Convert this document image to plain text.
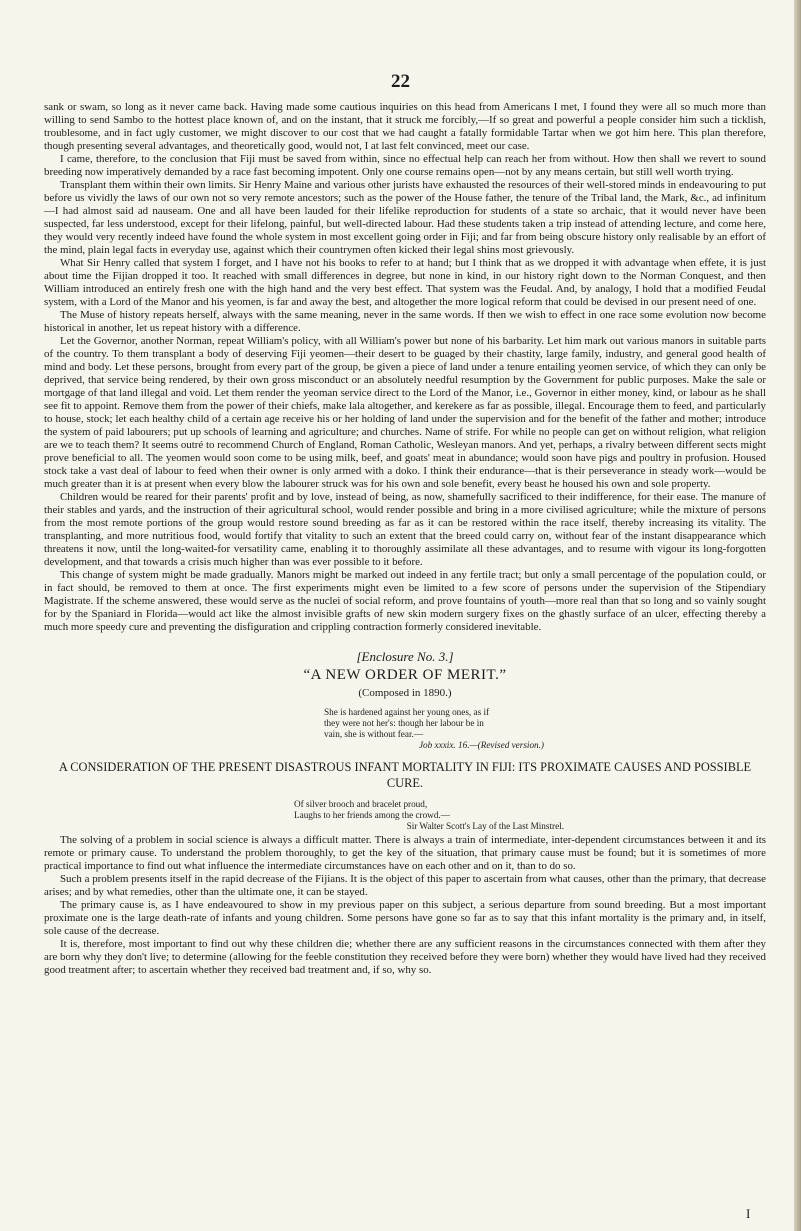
22

sank or swam, so long as it never came back. Having made some cautious inquiries on this head from Americans I met, I found they were all so much more than willing to send Sambo to the hottest place known of, and on the instant, that it struck me forcibly,—If so great and powerful a people consider him such a ticklish, troublesome, and in fact ugly customer, we might discover to our cost that we had caught a fatally formidable Tartar when we got him here. This plan therefore, though presenting several advantages, and theoretically good, would not, I at last felt convinced, meet our case.

I came, therefore, to the conclusion that Fiji must be saved from within, since no effectual help can reach her from without. How then shall we revert to sound breeding now imperatively demanded by a race fast becoming impotent. Only one course remains open—not by any means certain, but still well worth trying.

Transplant them within their own limits. Sir Henry Maine and various other jurists have exhausted the resources of their well-stored minds in endeavouring to put before us vividly the laws of our own not so very remote ancestors; such as the power of the House father, the tenure of the Tribal land, the Mark, &c., ad infinitum—I had almost said ad nauseam. One and all have been lauded for their lifelike reproduction for students of a state so archaic, that it would never have been suspected, far less understood, except for their lifelong, painful, but well-directed labour. Had these students taken a trip instead of attending lecture, and come here, they would very recently indeed have found the whole system in most excellent going order in Fiji; and far from being obscure history only realisable by an effort of the mind, plain legal facts in everyday use, against which their countrymen often kicked their legal shins most grievously.

What Sir Henry called that system I forget, and I have not his books to refer to at hand; but I think that as we dropped it with advantage when effete, it is just about time the Fijian dropped it too. It reached with small differences in degree, but none in kind, in our history right down to the Norman Conquest, and then William introduced an entirely fresh one with the high hand and the very best effect. That system was the Feudal. And, by analogy, I hold that a modified Feudal system, with a Lord of the Manor and his yeomen, is far and away the best, and altogether the more logical reform that could be devised in our present need of one.

The Muse of history repeats herself, always with the same meaning, never in the same words. If then we wish to effect in one race some evolution now become historical in another, let us repeat history with a difference.

Let the Governor, another Norman, repeat William's policy, with all William's power but none of his barbarity. Let him mark out various manors in suitable parts of the country. To them transplant a body of deserving Fiji yeomen—their desert to be guaged by their chastity, large family, industry, and general good health of mind and body. Let these persons, brought from every part of the group, be given a piece of land under a tenure entailing yeomen service, of which they can only be deprived, that service being rendered, by their own gross misconduct or an absolutely needful resumption by the Government for public purposes. Make the sale or mortgage of that land illegal and void. Let them render the yeoman service direct to the Lord of the Manor, i.e., Governor in either money, kind, or labour as he shall see fit to appoint. Remove them from the power of their chiefs, make lala altogether, and kerekere as far as possible, illegal. Encourage them to feed, and particularly to house, stock; let each healthy child of a certain age receive his or her holding of land under the supervision and for the benefit of the father and mother; introduce the system of paid labourers; put up schools of learning and agriculture; and churches. Name of strife. For while no people can get on without religion, what religion are we to teach them? It seems outré to recommend Church of England, Roman Catholic, Wesleyan manors. And yet, perhaps, a rivalry between different sects might prove beneficial to all. The yeomen would soon come to be using milk, beef, and goats' meat in abundance; would soon have pigs and poultry in profusion. Housed stock take a vast deal of labour to feed when their owner is only armed with a doko. I think their endurance—that is their perseverance in steady work—would be much greater than it is at present when every blow the labourer struck was for his own and sole benefit, every beast he housed his own and sole property.

Children would be reared for their parents' profit and by love, instead of being, as now, shamefully sacrificed to their indifference, for their ease. The manure of their stables and yards, and the instruction of their agricultural school, would render possible and bring in a more civilised agriculture; while the mixture of persons from the most remote portions of the group would restore sound breeding as far as it can be restored within the race itself, thereby increasing its vitality. The transplanting, and more nutritious food, would fortify that vitality to such an extent that the breed could carry on, without fear of the instant disappearance which threatens it now, until the long-waited-for versatility came, enabling it to thoroughly assimilate all these advantages, and to resume with vigour its long-forgotten development, and that towards a crisis much higher than was ever possible to it before.

This change of system might be made gradually. Manors might be marked out indeed in any fertile tract; but only a small percentage of the population could, or in fact should, be removed to them at once. The first experiments might even be limited to a few score of persons under the supervision of the Stipendiary Magistrate. If the scheme answered, these would serve as the nuclei of social reform, and prove fountains of youth—more real than that so long and so vainly sought for by the Spaniard in Florida—would act like the almost invisible grafts of new skin modern surgery fixes on the ghastly surface of an ulcer, effecting thereby a much more speedy cure and preventing the disfiguration and crippling contraction formerly considered inevitable.

[Enclosure No. 3.]
“A NEW ORDER OF MERIT.”
(Composed in 1890.)
She is hardened against her young ones, as if
they were not her's: though her labour be in
vain, she is without fear.—
Job xxxix. 16.—(Revised version.)
A CONSIDERATION OF THE PRESENT DISASTROUS INFANT MORTALITY IN FIJI: ITS PROXIMATE CAUSES AND POSSIBLE CURE.
Of silver brooch and bracelet proud,
Laughs to her friends among the crowd.—
Sir Walter Scott's Lay of the Last Minstrel.

The solving of a problem in social science is always a difficult matter. There is always a train of intermediate, inter-dependent circumstances between it and its remote or primary cause. To understand the problem thoroughly, to get the key of the situation, that primary cause must be found; but it is sometimes of more practical importance to find out what influence the intermediate circumstances have on each other and on it, than to do so.

Such a problem presents itself in the rapid decrease of the Fijians. It is the object of this paper to ascertain from what causes, other than the primary, that decrease arises; and by what remedies, other than the ultimate one, it can be stayed.

The primary cause is, as I have endeavoured to show in my previous paper on this subject, a serious departure from sound breeding. But a most important proximate one is the large death-rate of infants and young children. Some persons have gone so far as to say that this infant mortality is the primary and, in itself, sole cause of the decrease.

It is, therefore, most important to find out why these children die; whether there are any sufficient reasons in the circumstances connected with them after they are born why they don't live; to determine (allowing for the feeble constitution they received before they were born) whether they would have lived had they received good treatment after; to ascertain whether they received bad treatment and, if so, why so.

I
